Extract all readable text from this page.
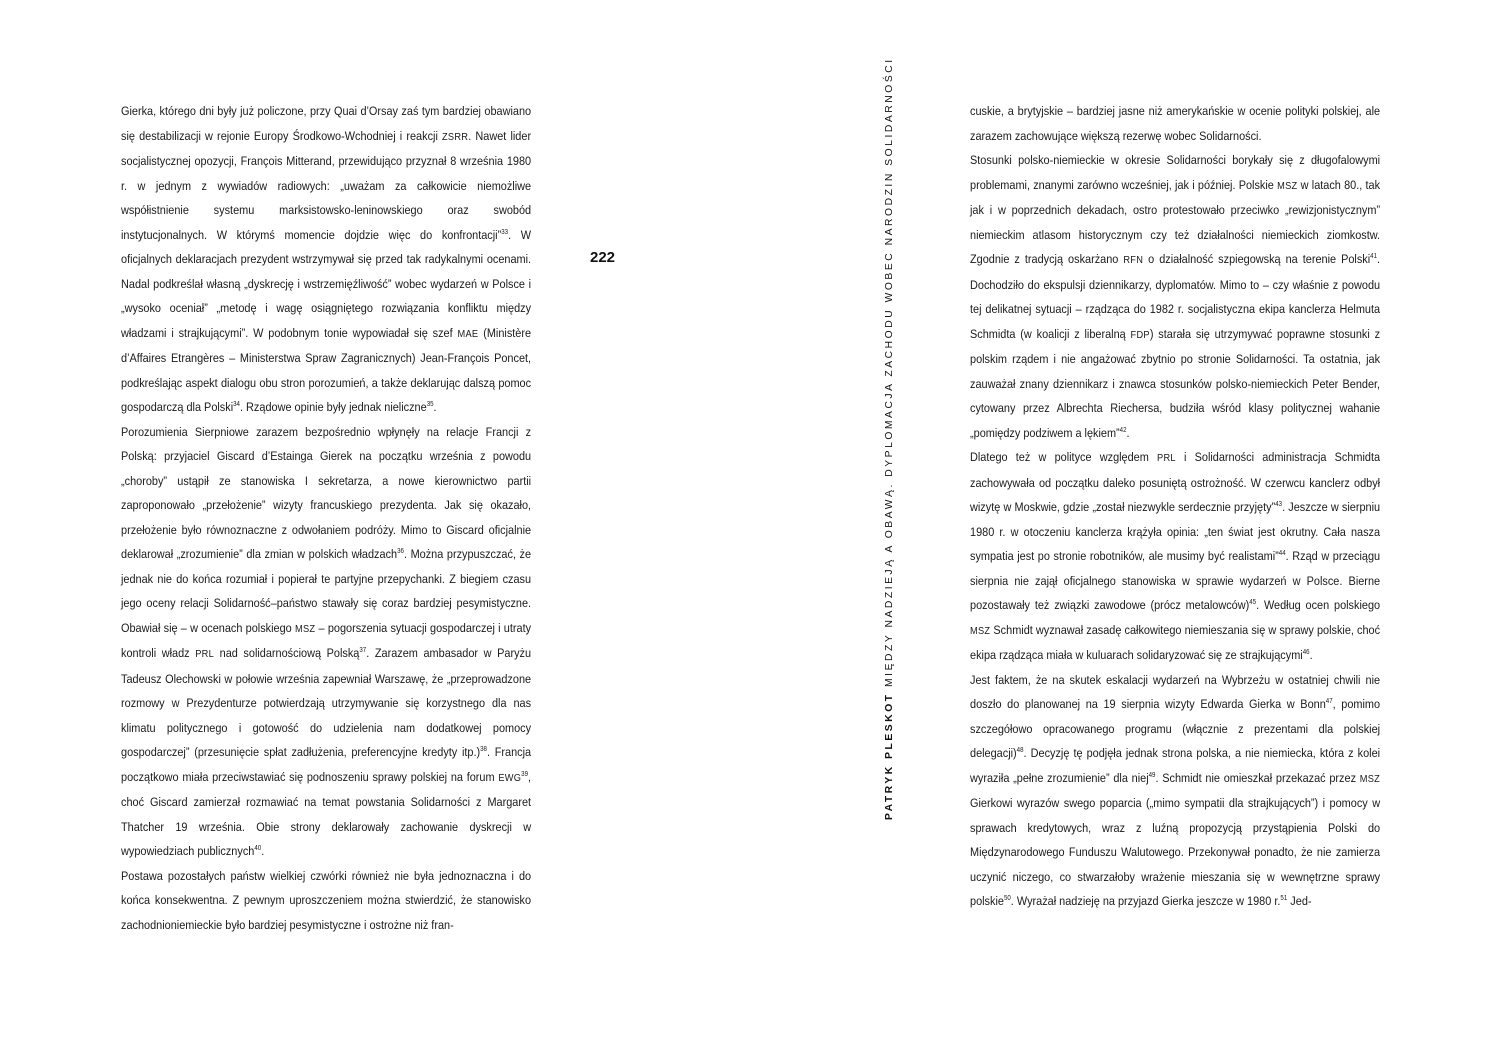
Gierka, którego dni były już policzone, przy Quai d’Orsay zaś tym bardziej obawiano się destabilizacji w rejonie Europy Środkowo-Wchodniej i reakcji ZSRR. Nawet lider socjalistycznej opozycji, François Mitterand, przewidująco przyznał 8 września 1980 r. w jednym z wywiadów radiowych: „uważam za całkowicie niemożliwe współistnienie systemu marksistowsko-leninowskiego oraz swobód instytucjonalnych. W którymś momencie dojdzie więc do konfrontacji”$^{33}$. W oficjalnych deklaracjach prezydent wstrzymywał się przed tak radykalnymi ocenami. Nadal podkreślał własną „dyskrecję i wstrzemięźliwość” wobec wydarzeń w Polsce i „wysoko oceniał” „metodę i wagę osiągniętego rozwiązania konfliktu między władzami i strajkującymi”. W podobnym tonie wypowiadał się szef MAE (Ministère d’Affaires Etrangères – Ministerstwa Spraw Zagranicznych) Jean-François Poncet, podkreślając aspekt dialogu obu stron porozumień, a także deklarując dalszą pomoc gospodarczą dla Polski$^{34}$. Rządowe opinie były jednak nieliczne$^{35}$.

Porozumienia Sierpniowe zarazem bezpośrednio wpłynęły na relacje Francji z Polską: przyjaciel Giscard d’Estainga Gierek na początku września z powodu „choroby” ustąpił ze stanowiska I sekretarza, a nowe kierownictwo partii zaproponowało „przełożenie” wizyty francuskiego prezydenta. Jak się okazało, przełożenie było równoznaczne z odwołaniem podróży. Mimo to Giscard oficjalnie deklarował „zrozumienie” dla zmian w polskich władzach$^{36}$. Można przypuszczać, że jednak nie do końca rozumiał i popierał te partyjne przepychanki. Z biegiem czasu jego oceny relacji Solidarność–państwo stawały się coraz bardziej pesymistyczne. Obawiał się – w ocenach polskiego MSZ – pogorszenia sytuacji gospodarczej i utraty kontroli władz PRL nad solidarnościową Polską$^{37}$. Zarazem ambasador w Paryżu Tadeusz Olechowski w połowie września zapewniał Warszawę, że „przeprowadzone rozmowy w Prezydenturze potwierdzają utrzymywanie się korzystnego dla nas klimatu politycznego i gotowość do udzielenia nam dodatkowej pomocy gospodarczej” (przesunięcie spłat zadłużenia, preferencyjne kredyty itp.)$^{38}$. Francja początkowo miała przeciwstawiać się podnoszeniu sprawy polskiej na forum EWG$^{39}$, choć Giscard zamierzał rozmawiać na temat powstania Solidarności z Margaret Thatcher 19 września. Obie strony deklarowały zachowanie dyskrecji w wypowiedziach publicznych$^{40}$.

Postawa pozostałych państw wielkiej czwórki również nie była jednoznaczna i do końca konsekwentna. Z pewnym uproszczeniem można stwierdzić, że stanowisko zachodnioniemieckie było bardziej pesymistyczne i ostrożne niż fran-

222
PATRYK PLESKOT MIĘDZY NADZIEJĄ A OBAWĄ. DYPLOMACJA ZACHODU WOBEC NARODZIN SOLIDARNOŚCI	cuskie, a brytyjskie – bardziej jasne niż amerykańskie w ocenie polityki polskiej, ale zarazem zachowujące większą rezerwę wobec Solidarności.

Stosunki polsko-niemieckie w okresie Solidarności borykały się z długofalowymi problemami, znanymi zarówno wcześniej, jak i później. Polskie MSZ w latach 80., tak jak i w poprzednich dekadach, ostro protestowało przeciwko „rewizjonistycznym” niemieckim atlasom historycznym czy też działalności niemieckich ziomkostw. Zgodnie z tradycją oskarżano RFN o działalność szpiegowską na terenie Polski$^{41}$. Dochodziło do ekspulsji dziennikarzy, dyplomatów. Mimo to – czy właśnie z powodu tej delikatnej sytuacji – rządząca do 1982 r. socjalistyczna ekipa kanclerza Helmuta Schmidta (w koalicji z liberalną FDP) starała się utrzymywać poprawne stosunki z polskim rządem i nie angażować zbytnio po stronie Solidarności. Ta ostatnia, jak zauważał znany dziennikarz i znawca stosunków polsko-niemieckich Peter Bender, cytowany przez Albrechta Riechersa, budziła wśród klasy politycznej wahanie „pomiędzy podziwem a lękiem”$^{42}$.

Dlatego też w polityce względem PRL i Solidarności administracja Schmidta zachowywała od początku daleko posuniętą ostrożność. W czerwcu kanclerz odbył wizytę w Moskwie, gdzie „został niezwykle serdecznie przyjęty”$^{43}$. Jeszcze w sierpniu 1980 r. w otoczeniu kanclerza krążyła opinia: „ten świat jest okrutny. Cała nasza sympatia jest po stronie robotników, ale musimy być realistami”$^{44}$. Rząd w przeciągu sierpnia nie zajął oficjalnego stanowiska w sprawie wydarzeń w Polsce. Bierne pozostawały też związki zawodowe (prócz metalowców)$^{45}$. Według ocen polskiego MSZ Schmidt wyznawał zasadę całkowitego niemieszania się w sprawy polskie, choć ekipa rządząca miała w kuluarach solidaryzować się ze strajkującymi$^{46}$.

Jest faktem, że na skutek eskalacji wydarzeń na Wybrzeżu w ostatniej chwili nie doszło do planowanej na 19 sierpnia wizyty Edwarda Gierka w Bonn$^{47}$, pomimo szczegółowo opracowanego programu (włącznie z prezentami dla polskiej delegacji)$^{48}$. Decyzję tę podjęła jednak strona polska, a nie niemiecka, która z kolei wyraziła „pełne zrozumienie” dla niej$^{49}$. Schmidt nie omieszkał przekazać przez MSZ Gierkowi wyrazów swego poparcia („mimo sympatii dla strajkujących”) i pomocy w sprawach kredytowych, wraz z luźną propozycją przystąpienia Polski do Międzynarodowego Funduszu Walutowego. Przekonywał ponadto, że nie zamierza uczynić niczego, co stwarzałoby wrażenie mieszania się w wewnętrzne sprawy polskie$^{50}$. Wyrażał nadzieję na przyjazd Gierka jeszcze w 1980 r.$^{51}$ Jed-
